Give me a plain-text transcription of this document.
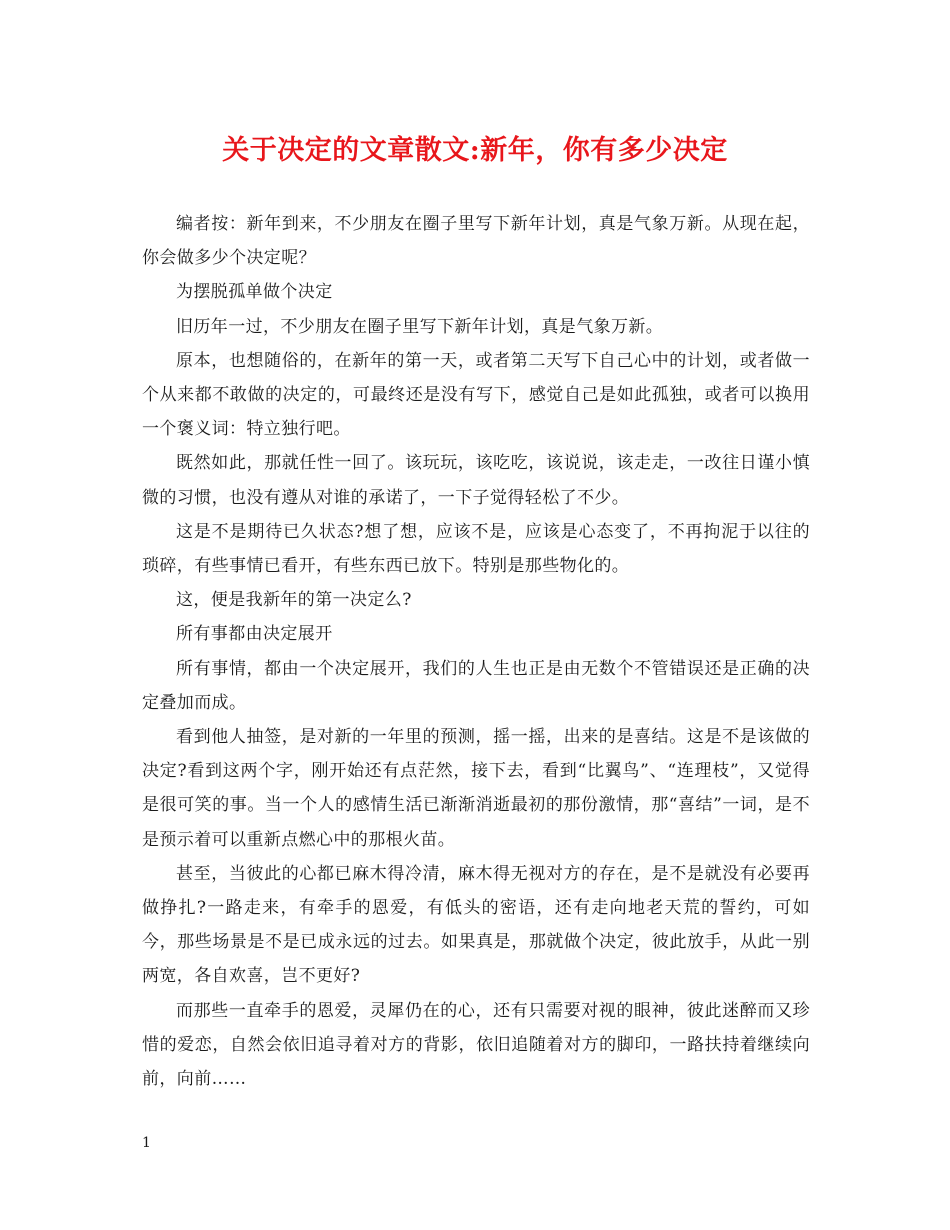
关于决定的文章散文:新年，你有多少决定

编者按：新年到来，不少朋友在圈子里写下新年计划，真是气象万新。从现在起，你会做多少个决定呢？

为摆脱孤单做个决定

旧历年一过，不少朋友在圈子里写下新年计划，真是气象万新。

原本，也想随俗的，在新年的第一天，或者第二天写下自己心中的计划，或者做一个从来都不敢做的决定的，可最终还是没有写下，感觉自己是如此孤独，或者可以换用一个褒义词：特立独行吧。

既然如此，那就任性一回了。该玩玩，该吃吃，该说说，该走走，一改往日谨小慎微的习惯，也没有遵从对谁的承诺了，一下子觉得轻松了不少。

这是不是期待已久状态?想了想，应该不是，应该是心态变了，不再拘泥于以往的琐碎，有些事情已看开，有些东西已放下。特别是那些物化的。

这，便是我新年的第一决定么?

所有事都由决定展开

所有事情，都由一个决定展开，我们的人生也正是由无数个不管错误还是正确的决定叠加而成。

看到他人抽签，是对新的一年里的预测，摇一摇，出来的是喜结。这是不是该做的决定?看到这两个字，刚开始还有点茫然，接下去，看到“比翼鸟”、“连理枝”，又觉得是很可笑的事。当一个人的感情生活已渐渐消逝最初的那份激情，那“喜结”一词，是不是预示着可以重新点燃心中的那根火苗。

甚至，当彼此的心都已麻木得冷清，麻木得无视对方的存在，是不是就没有必要再做挣扎?一路走来，有牵手的恩爱，有低头的密语，还有走向地老天荒的誓约，可如今，那些场景是不是已成永远的过去。如果真是，那就做个决定，彼此放手，从此一别两宽，各自欢喜，岂不更好?

而那些一直牵手的恩爱，灵犀仍在的心，还有只需要对视的眼神，彼此迷醉而又珍惜的爱恋，自然会依旧追寻着对方的背影，依旧追随着对方的脚印，一路扶持着继续向前，向前……

1
